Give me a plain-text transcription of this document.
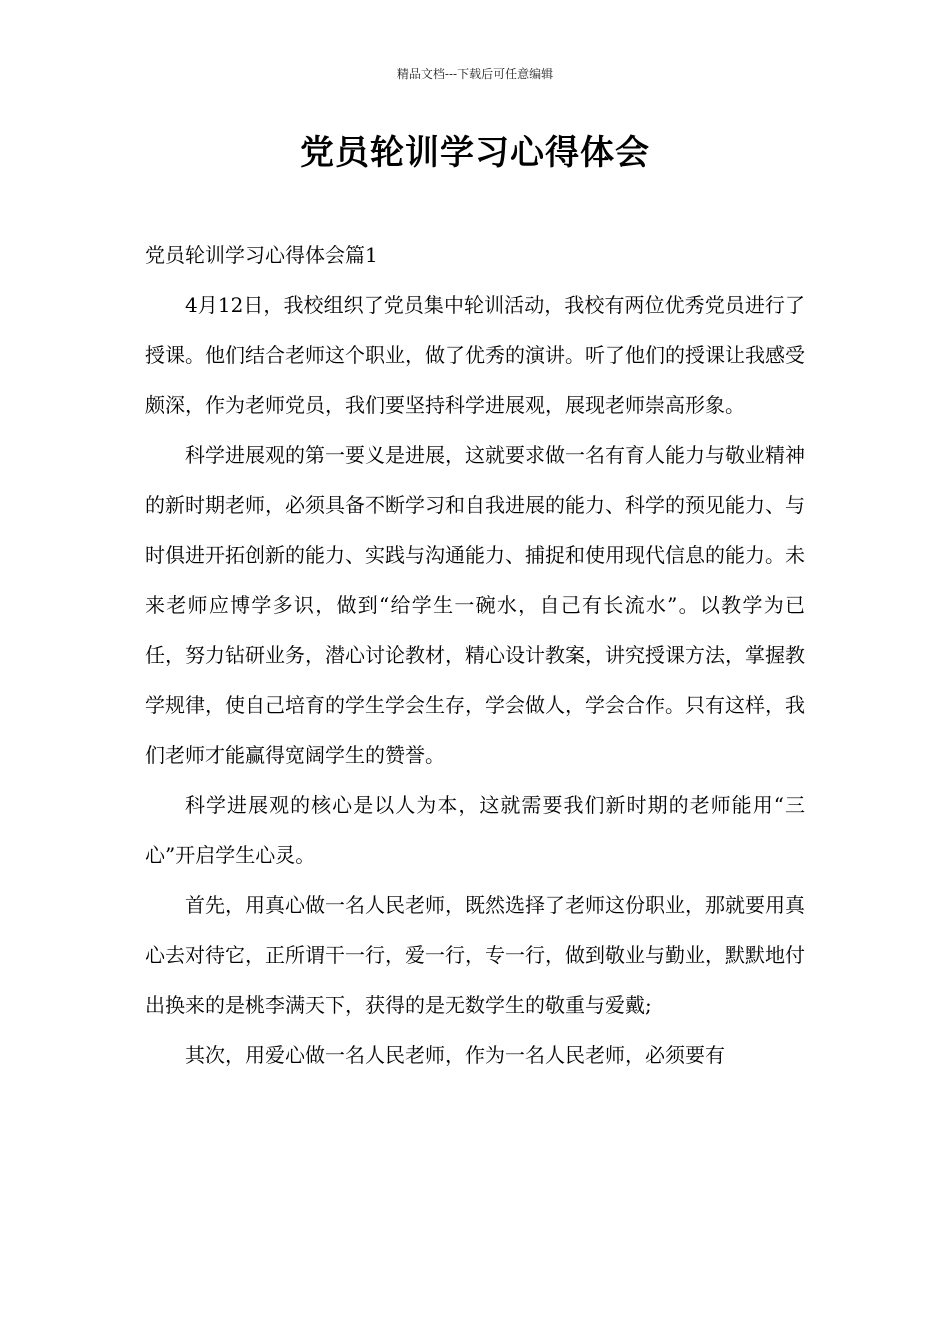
精品文档---下载后可任意编辑
党员轮训学习心得体会

党员轮训学习心得体会篇1

4月12日，我校组织了党员集中轮训活动，我校有两位优秀党员进行了授课。他们结合老师这个职业，做了优秀的演讲。听了他们的授课让我感受颇深，作为老师党员，我们要坚持科学进展观，展现老师崇高形象。

科学进展观的第一要义是进展，这就要求做一名有育人能力与敬业精神的新时期老师，必须具备不断学习和自我进展的能力、科学的预见能力、与时俱进开拓创新的能力、实践与沟通能力、捕捉和使用现代信息的能力。未来老师应博学多识，做到“给学生一碗水，自己有长流水”。以教学为已任，努力钻研业务，潜心讨论教材，精心设计教案，讲究授课方法，掌握教学规律，使自己培育的学生学会生存，学会做人，学会合作。只有这样，我们老师才能赢得宽阔学生的赞誉。

科学进展观的核心是以人为本，这就需要我们新时期的老师能用“三心”开启学生心灵。

首先，用真心做一名人民老师，既然选择了老师这份职业，那就要用真心去对待它，正所谓干一行，爱一行，专一行，做到敬业与勤业，默默地付出换来的是桃李满天下，获得的是无数学生的敬重与爱戴;

其次，用爱心做一名人民老师，作为一名人民老师，必须要有
